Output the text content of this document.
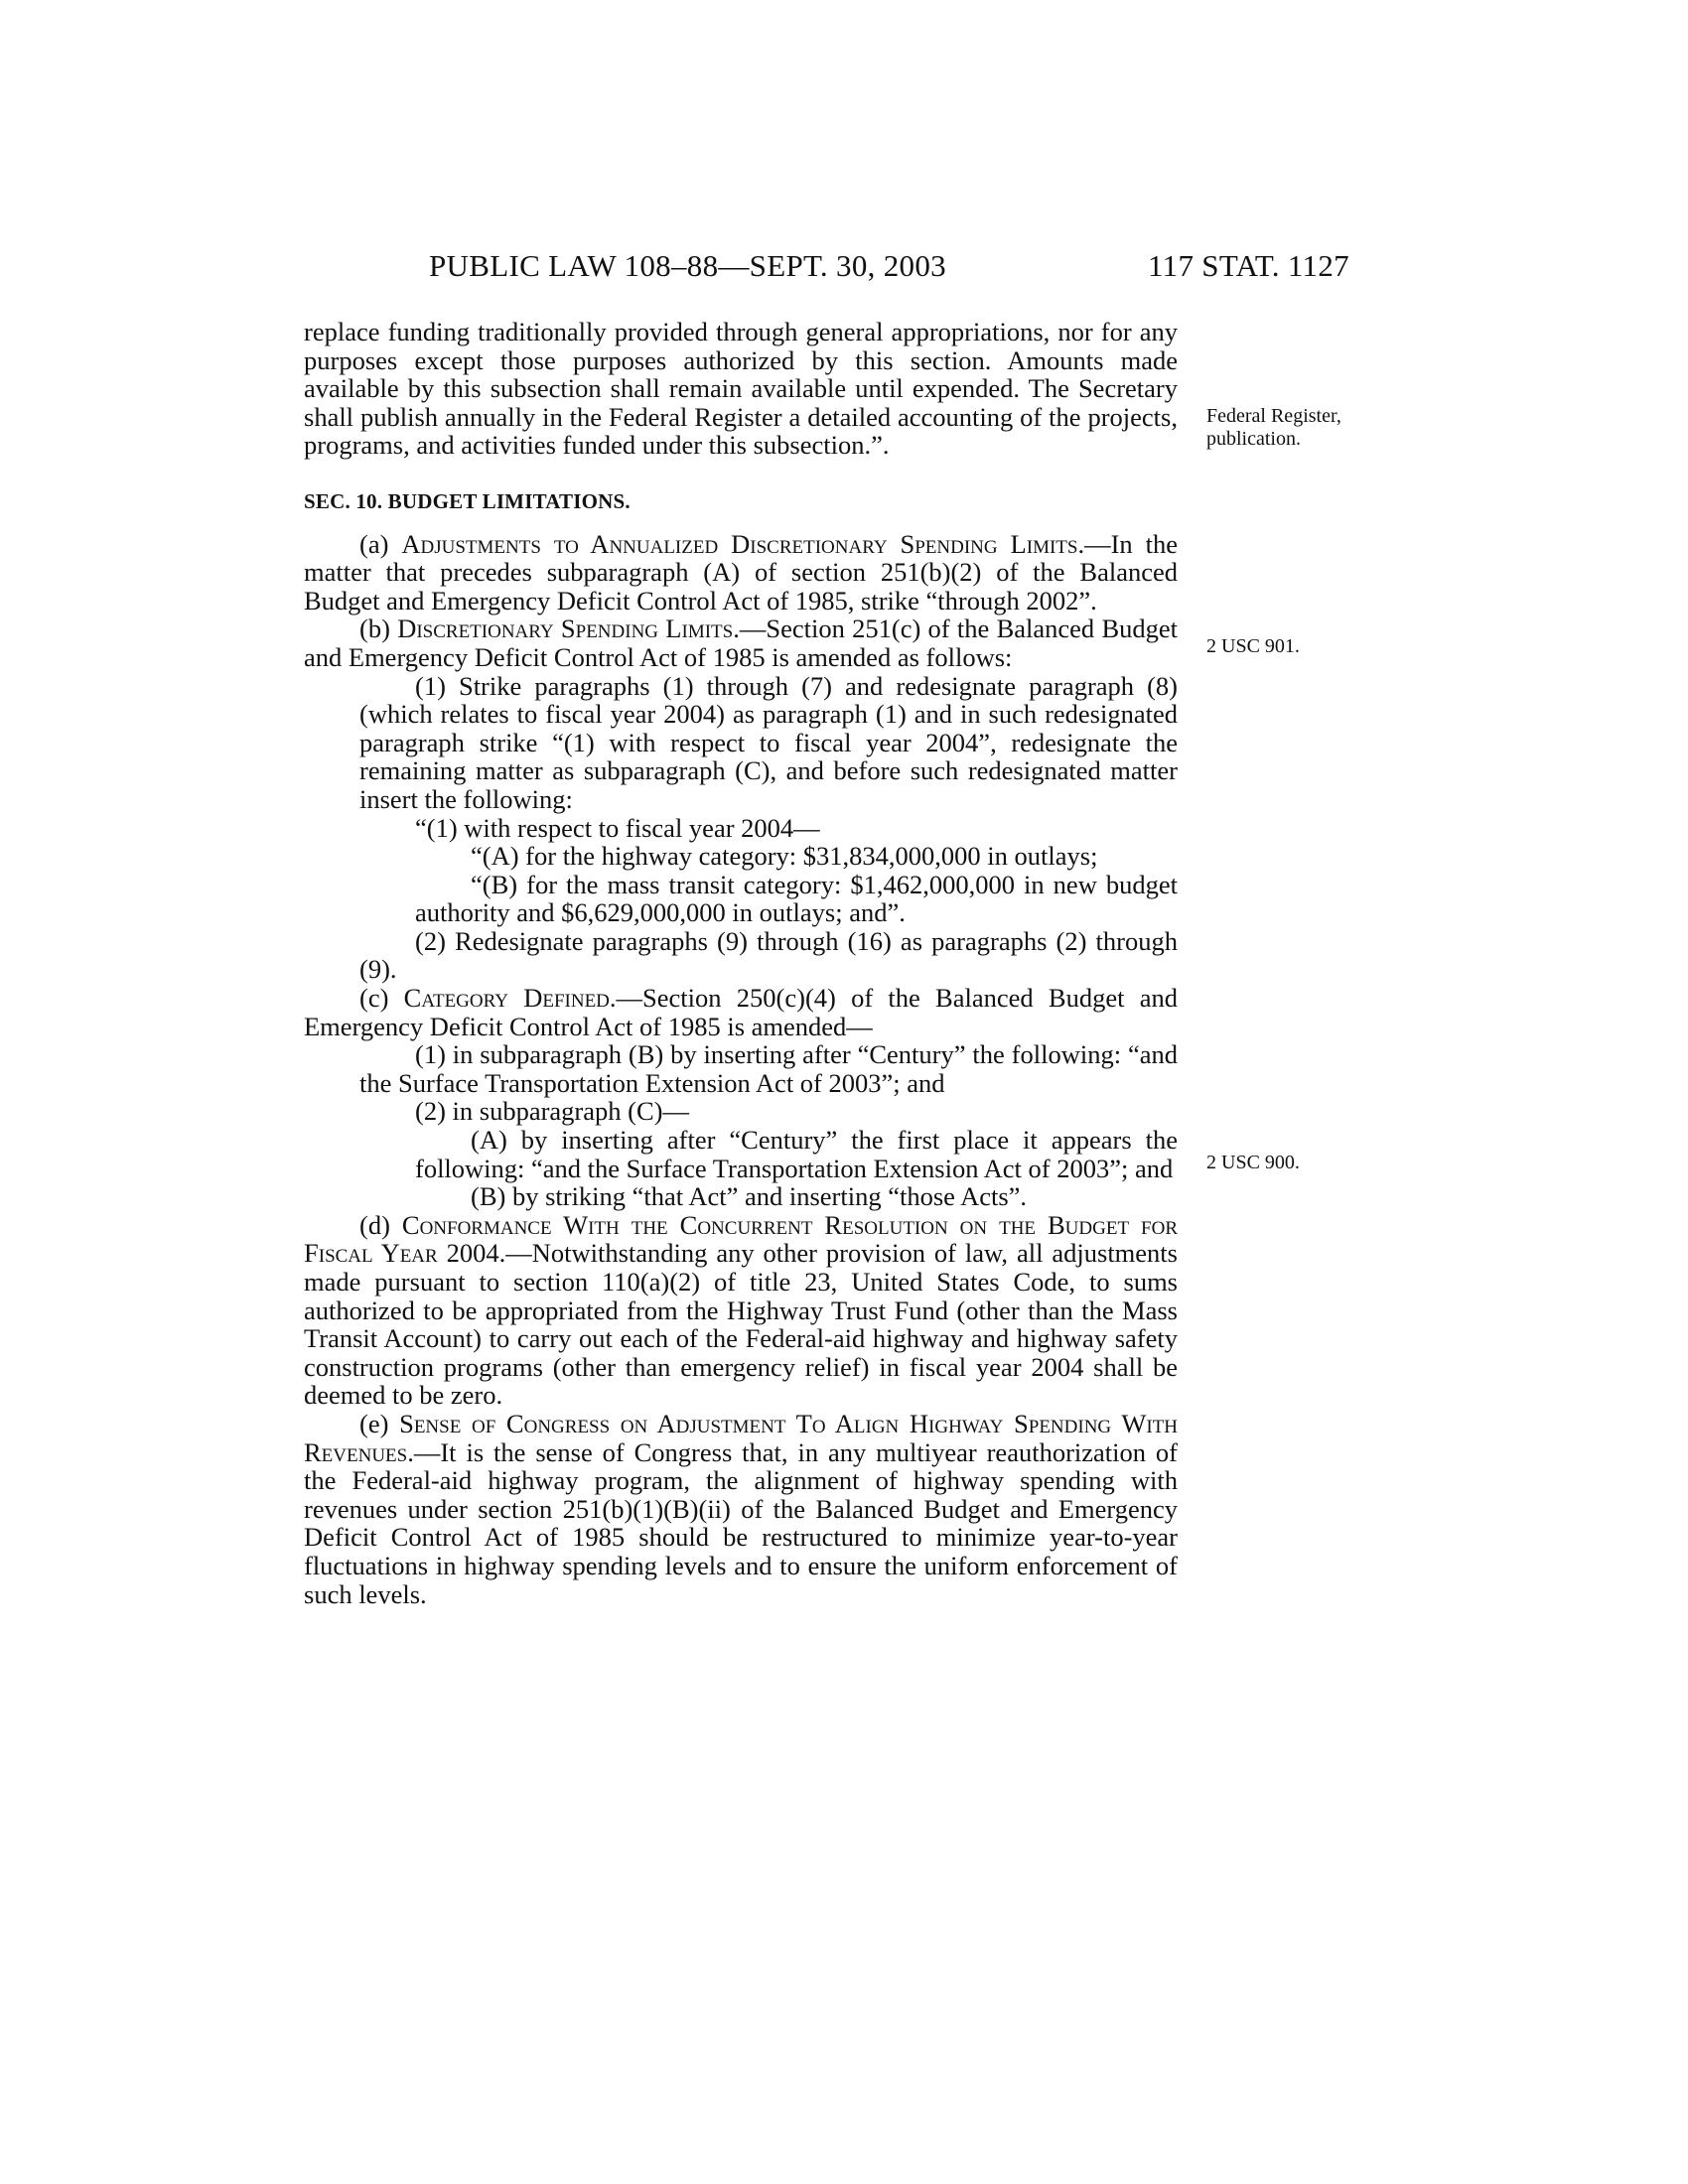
PUBLIC LAW 108–88—SEPT. 30, 2003	117 STAT. 1127
Federal Register,
publication.
2 USC 901.
2 USC 900.

replace funding traditionally provided through general appropriations, nor for any purposes except those purposes authorized by this section. Amounts made available by this subsection shall remain available until expended. The Secretary shall publish annually in the Federal Register a detailed accounting of the projects, programs, and activities funded under this subsection.”.

SEC. 10. BUDGET LIMITATIONS.

(a) Adjustments to Annualized Discretionary Spending Limits.—In the matter that precedes subparagraph (A) of section 251(b)(2) of the Balanced Budget and Emergency Deficit Control Act of 1985, strike “through 2002”.

(b) Discretionary Spending Limits.—Section 251(c) of the Balanced Budget and Emergency Deficit Control Act of 1985 is amended as follows:

(1) Strike paragraphs (1) through (7) and redesignate paragraph (8) (which relates to fiscal year 2004) as paragraph (1) and in such redesignated paragraph strike “(1) with respect to fiscal year 2004”, redesignate the remaining matter as subparagraph (C), and before such redesignated matter insert the following:

“(1) with respect to fiscal year 2004—

“(A) for the highway category: $31,834,000,000 in outlays;

“(B) for the mass transit category: $1,462,000,000 in new budget authority and $6,629,000,000 in outlays; and”.

(2) Redesignate paragraphs (9) through (16) as paragraphs (2) through (9).

(c) Category Defined.—Section 250(c)(4) of the Balanced Budget and Emergency Deficit Control Act of 1985 is amended—

(1) in subparagraph (B) by inserting after “Century” the following: “and the Surface Transportation Extension Act of 2003”; and

(2) in subparagraph (C)—

(A) by inserting after “Century” the first place it appears the following: “and the Surface Transportation Extension Act of 2003”; and

(B) by striking “that Act” and inserting “those Acts”.

(d) Conformance With the Concurrent Resolution on the Budget for Fiscal Year 2004.—Notwithstanding any other provision of law, all adjustments made pursuant to section 110(a)(2) of title 23, United States Code, to sums authorized to be appropriated from the Highway Trust Fund (other than the Mass Transit Account) to carry out each of the Federal-aid highway and highway safety construction programs (other than emergency relief) in fiscal year 2004 shall be deemed to be zero.

(e) Sense of Congress on Adjustment To Align Highway Spending With Revenues.—It is the sense of Congress that, in any multiyear reauthorization of the Federal-aid highway program, the alignment of highway spending with revenues under section 251(b)(1)(B)(ii) of the Balanced Budget and Emergency Deficit Control Act of 1985 should be restructured to minimize year-to-year fluctuations in highway spending levels and to ensure the uniform enforcement of such levels.
